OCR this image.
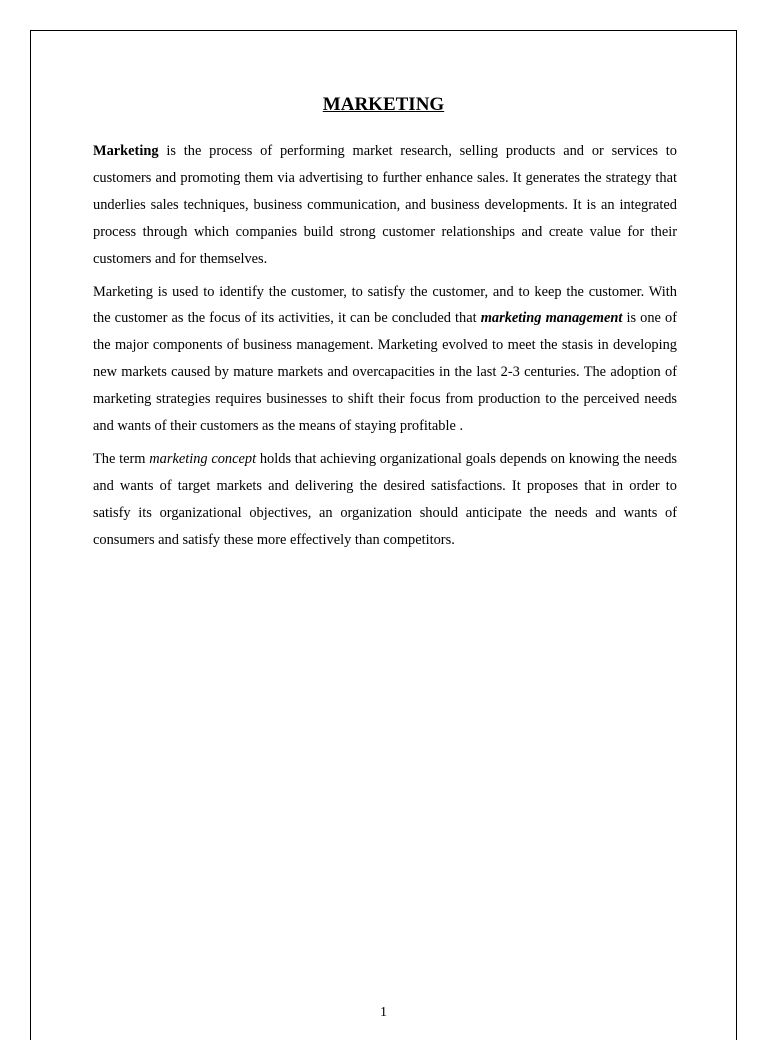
MARKETING

Marketing is the process of performing market research, selling products and or services to customers and promoting them via advertising to further enhance sales. It generates the strategy that underlies sales techniques, business communication, and business developments. It is an integrated process through which companies build strong customer relationships and create value for their customers and for themselves.

Marketing is used to identify the customer, to satisfy the customer, and to keep the customer. With the customer as the focus of its activities, it can be concluded that marketing management is one of the major components of business management. Marketing evolved to meet the stasis in developing new markets caused by mature markets and overcapacities in the last 2-3 centuries. The adoption of marketing strategies requires businesses to shift their focus from production to the perceived needs and wants of their customers as the means of staying profitable .

The term marketing concept holds that achieving organizational goals depends on knowing the needs and wants of target markets and delivering the desired satisfactions. It proposes that in order to satisfy its organizational objectives, an organization should anticipate the needs and wants of consumers and satisfy these more effectively than competitors.

1
